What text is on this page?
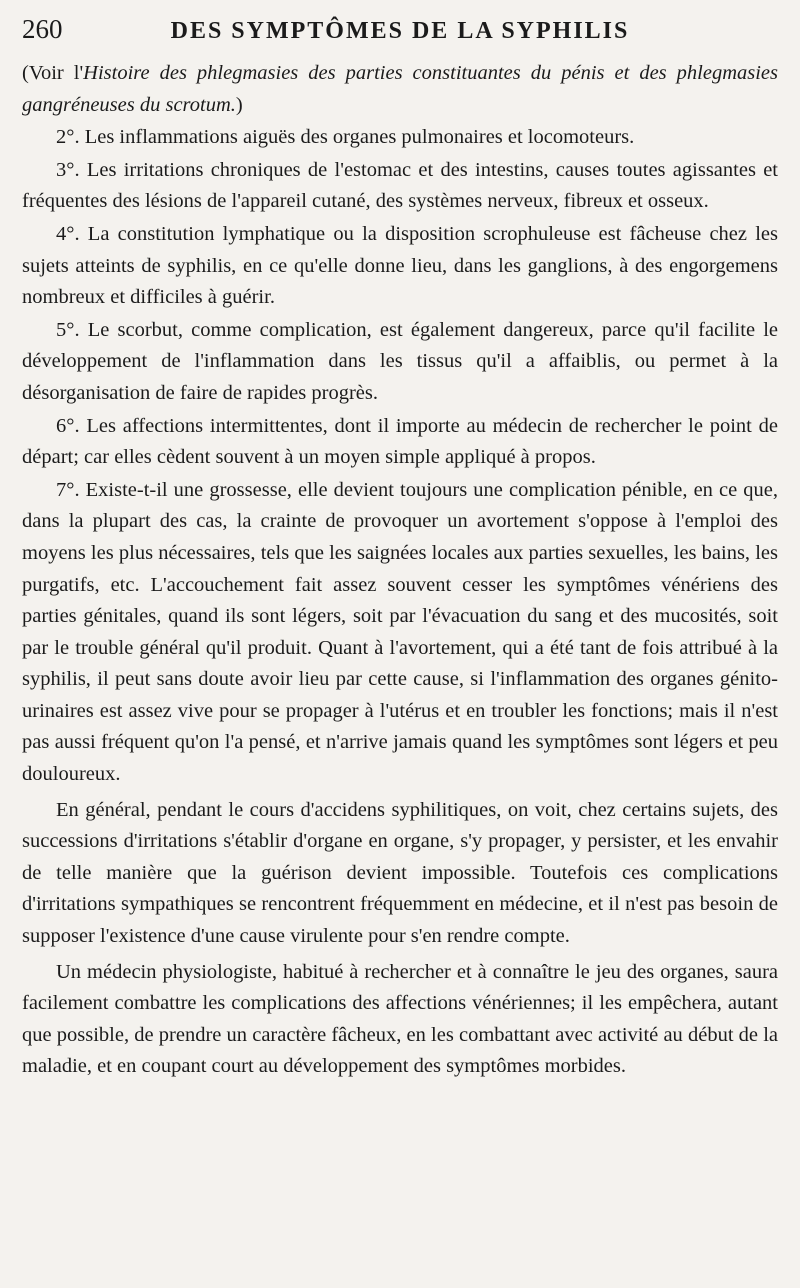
260	DES SYMPTÔMES DE LA SYPHILIS

(Voir l'Histoire des phlegmasies des parties constituantes du pénis et des phlegmasies gangréneuses du scrotum.)

2°. Les inflammations aiguës des organes pulmonaires et locomoteurs.

3°. Les irritations chroniques de l'estomac et des intestins, causes toutes agissantes et fréquentes des lésions de l'appareil cutané, des systèmes nerveux, fibreux et osseux.

4°. La constitution lymphatique ou la disposition scrophuleuse est fâcheuse chez les sujets atteints de syphilis, en ce qu'elle donne lieu, dans les ganglions, à des engorgemens nombreux et difficiles à guérir.

5°. Le scorbut, comme complication, est également dangereux, parce qu'il facilite le développement de l'inflammation dans les tissus qu'il a affaiblis, ou permet à la désorganisation de faire de rapides progrès.

6°. Les affections intermittentes, dont il importe au médecin de rechercher le point de départ; car elles cèdent souvent à un moyen simple appliqué à propos.

7°. Existe-t-il une grossesse, elle devient toujours une complication pénible, en ce que, dans la plupart des cas, la crainte de provoquer un avortement s'oppose à l'emploi des moyens les plus nécessaires, tels que les saignées locales aux parties sexuelles, les bains, les purgatifs, etc. L'accouchement fait assez souvent cesser les symptômes vénériens des parties génitales, quand ils sont légers, soit par l'évacuation du sang et des mucosités, soit par le trouble général qu'il produit. Quant à l'avortement, qui a été tant de fois attribué à la syphilis, il peut sans doute avoir lieu par cette cause, si l'inflammation des organes génito-urinaires est assez vive pour se propager à l'utérus et en troubler les fonctions; mais il n'est pas aussi fréquent qu'on l'a pensé, et n'arrive jamais quand les symptômes sont légers et peu douloureux.

En général, pendant le cours d'accidens syphilitiques, on voit, chez certains sujets, des successions d'irritations s'établir d'organe en organe, s'y propager, y persister, et les envahir de telle manière que la guérison devient impossible. Toutefois ces complications d'irritations sympathiques se rencontrent fréquemment en médecine, et il n'est pas besoin de supposer l'existence d'une cause virulente pour s'en rendre compte.

Un médecin physiologiste, habitué à rechercher et à connaître le jeu des organes, saura facilement combattre les complications des affections vénériennes; il les empêchera, autant que possible, de prendre un caractère fâcheux, en les combattant avec activité au début de la maladie, et en coupant court au développement des symptômes morbides.
